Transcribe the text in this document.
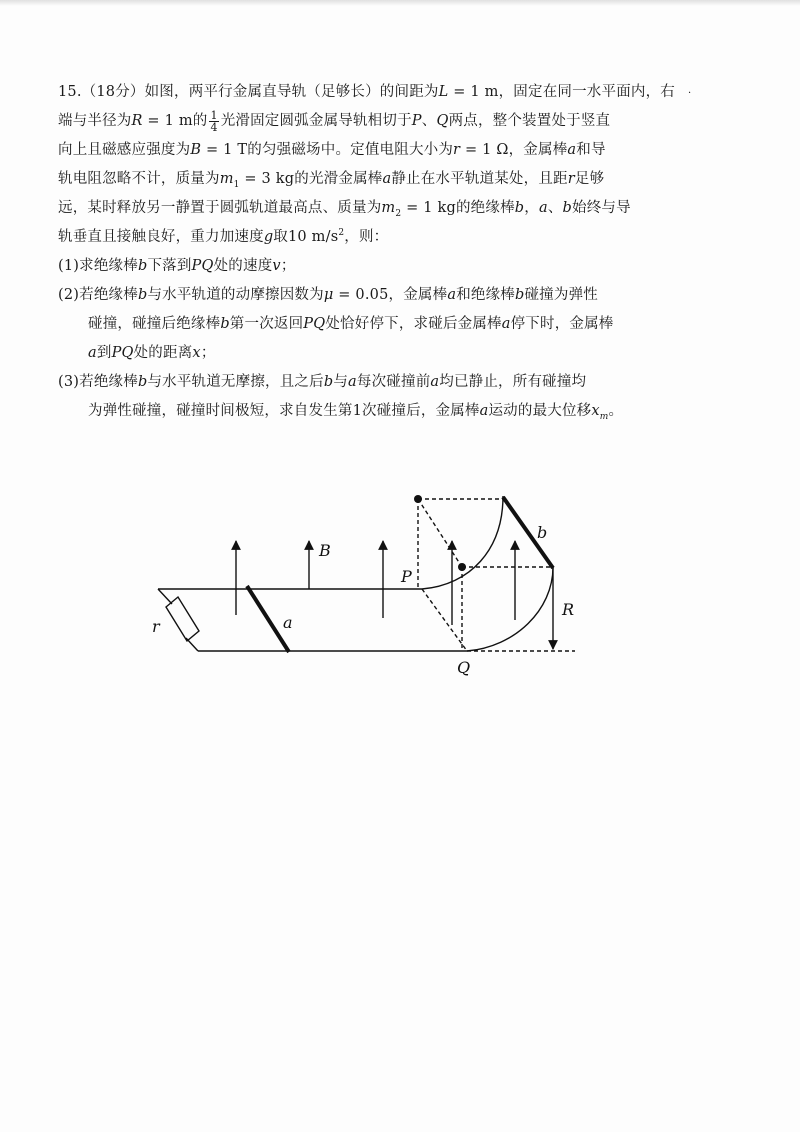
·
15.（18分）如图，两平行金属直导轨（足够长）的间距为L = 1 m，固定在同一水平面内，右
端与半径为R = 1 m的 $\frac{1}{4}$ 光滑固定圆弧金属导轨相切于P、Q两点，整个装置处于竖直
向上且磁感应强度为B = 1 T的匀强磁场中。定值电阻大小为r = 1 Ω，金属棒a和导
轨电阻忽略不计，质量为$m_1 = 3$ kg的光滑金属棒a静止在水平轨道某处，且距r足够
远，某时释放另一静置于圆弧轨道最高点、质量为$m_2 = 1$ kg的绝缘棒b，a、b始终与导
轨垂直且接触良好，重力加速度g取10 $m/s^2$，则：
(1)求绝缘棒b下落到PQ处的速度v；
(2)若绝缘棒b与水平轨道的动摩擦因数为μ = 0.05，金属棒a和绝缘棒b碰撞为弹性
碰撞，碰撞后绝缘棒b第一次返回PQ处恰好停下，求碰后金属棒a停下时，金属棒
a到PQ处的距离x；
(3)若绝缘棒b与水平轨道无摩擦，且之后b与a每次碰撞前a均已静止，所有碰撞均
为弹性碰撞，碰撞时间极短，求自发生第1次碰撞后，金属棒a运动的最大位移$x_m$。
B
P
Q
R
r	a
b
